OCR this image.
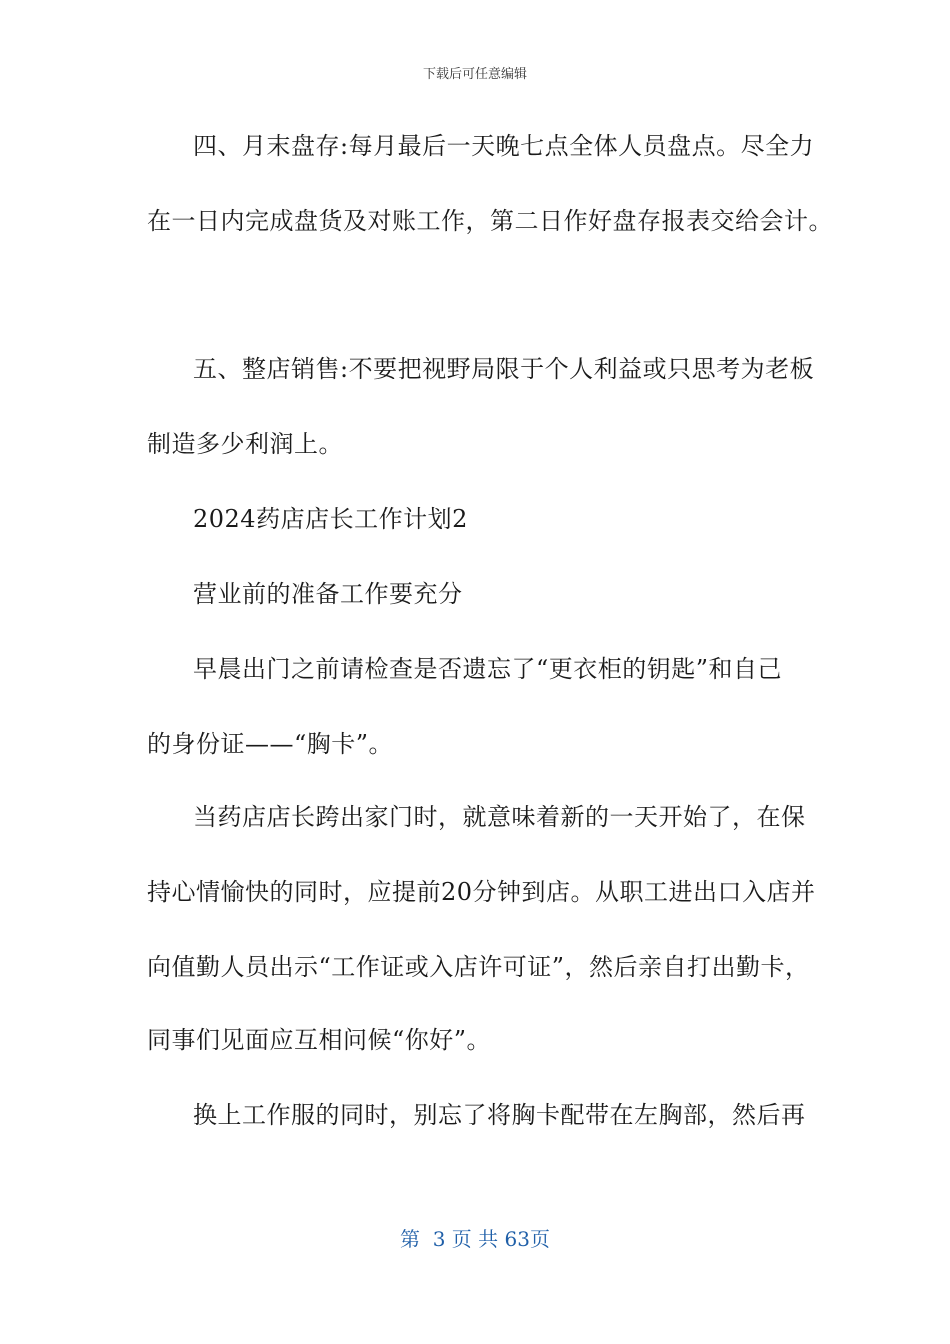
下载后可任意编辑
四、月末盘存:每月最后一天晚七点全体人员盘点。尽全力
在一日内完成盘货及对账工作，第二日作好盘存报表交给会计。
五、整店销售:不要把视野局限于个人利益或只思考为老板
制造多少利润上。
2024药店店长工作计划2
营业前的准备工作要充分
早晨出门之前请检查是否遗忘了“更衣柜的钥匙”和自己
的身份证——“胸卡”。
当药店店长跨出家门时，就意味着新的一天开始了，在保
持心情愉快的同时，应提前20分钟到店。从职工进出口入店并
向值勤人员出示“工作证或入店许可证”，然后亲自打出勤卡，
同事们见面应互相问候“你好”。
换上工作服的同时，别忘了将胸卡配带在左胸部，然后再
第  3 页 共 63页
